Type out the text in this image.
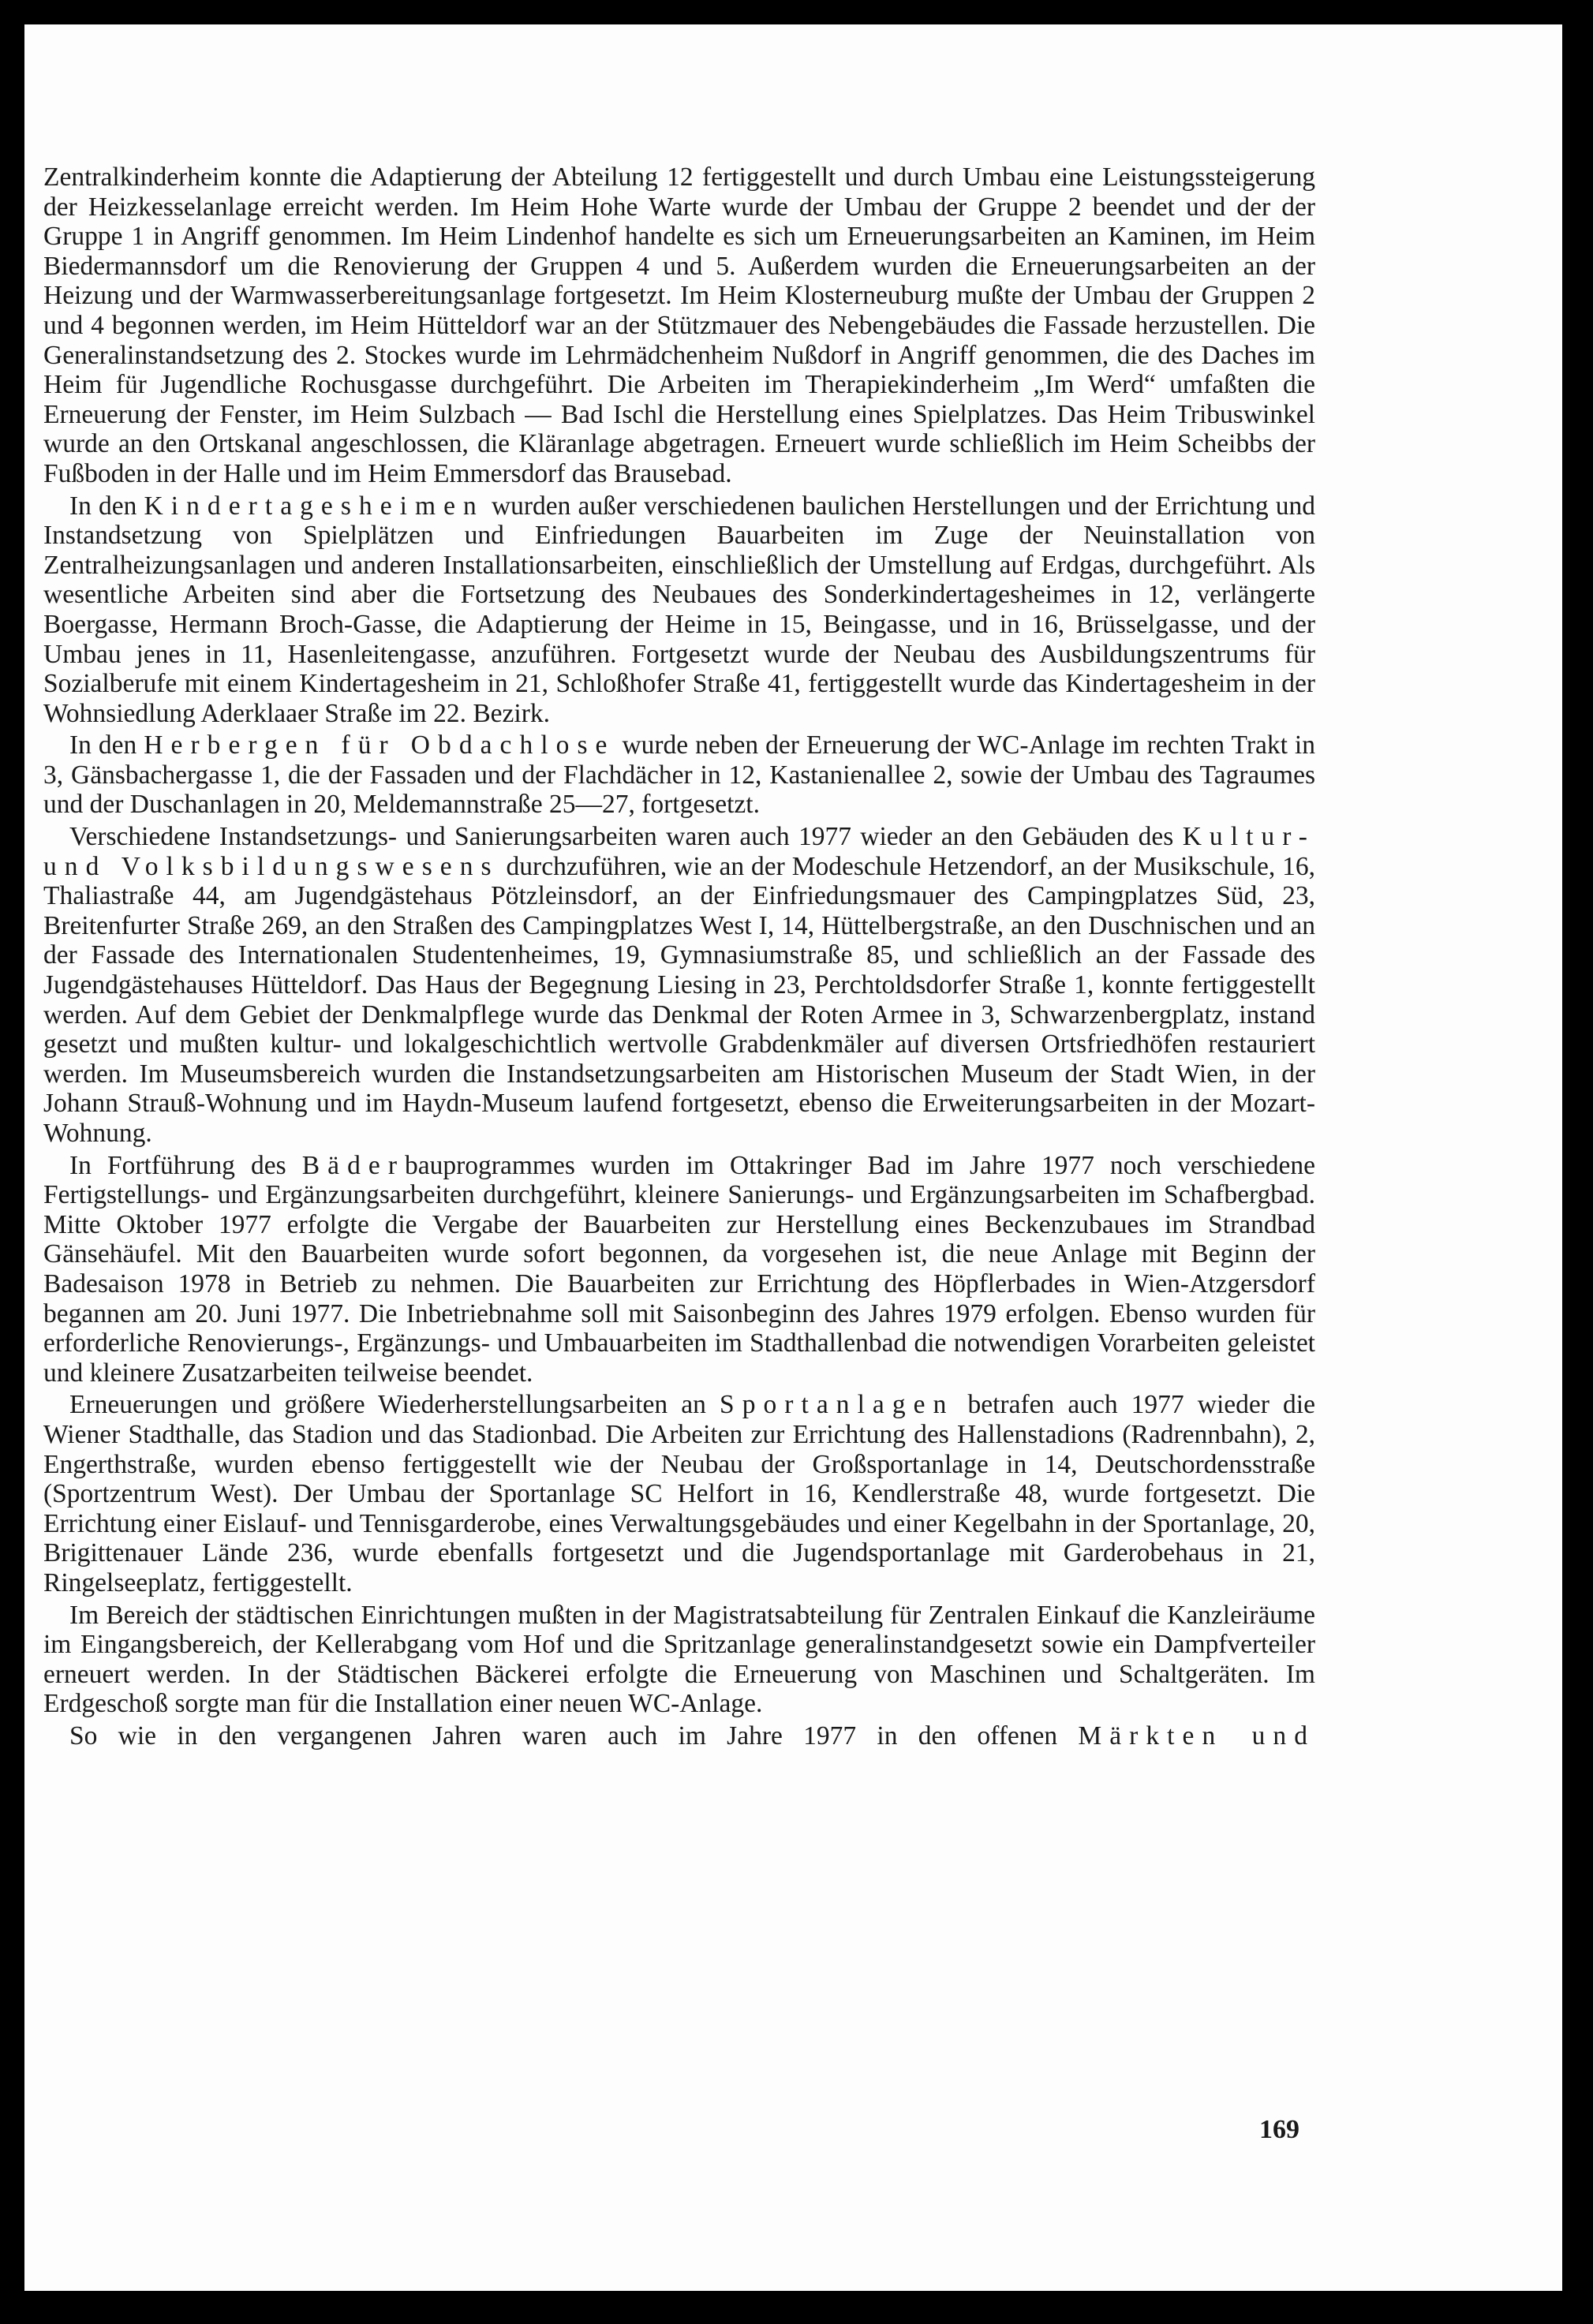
Zentralkinderheim konnte die Adaptierung der Abteilung 12 fertiggestellt und durch Umbau eine Leistungssteigerung der Heizkesselanlage erreicht werden. Im Heim Hohe Warte wurde der Umbau der Gruppe 2 beendet und der der Gruppe 1 in Angriff genommen. Im Heim Lindenhof handelte es sich um Erneuerungsarbeiten an Kaminen, im Heim Biedermannsdorf um die Renovierung der Gruppen 4 und 5. Außerdem wurden die Erneuerungsarbeiten an der Heizung und der Warmwasserbereitungsanlage fortgesetzt. Im Heim Klosterneuburg mußte der Umbau der Gruppen 2 und 4 begonnen werden, im Heim Hütteldorf war an der Stützmauer des Nebengebäudes die Fassade herzustellen. Die Generalinstandsetzung des 2. Stockes wurde im Lehrmädchenheim Nußdorf in Angriff genommen, die des Daches im Heim für Jugendliche Rochusgasse durchgeführt. Die Arbeiten im Therapiekinderheim „Im Werd“ umfaßten die Erneuerung der Fenster, im Heim Sulzbach — Bad Ischl die Herstellung eines Spielplatzes. Das Heim Tribuswinkel wurde an den Ortskanal angeschlossen, die Kläranlage abgetragen. Erneuert wurde schließlich im Heim Scheibbs der Fußboden in der Halle und im Heim Emmersdorf das Brausebad.

In den Kindertagesheimen wurden außer verschiedenen baulichen Herstellungen und der Errichtung und Instandsetzung von Spielplätzen und Einfriedungen Bauarbeiten im Zuge der Neuinstallation von Zentralheizungsanlagen und anderen Installationsarbeiten, einschließlich der Umstellung auf Erdgas, durchgeführt. Als wesentliche Arbeiten sind aber die Fortsetzung des Neubaues des Sonderkindertagesheimes in 12, verlängerte Boergasse, Hermann Broch-Gasse, die Adaptierung der Heime in 15, Beingasse, und in 16, Brüsselgasse, und der Umbau jenes in 11, Hasenleitengasse, anzuführen. Fortgesetzt wurde der Neubau des Ausbildungszentrums für Sozialberufe mit einem Kindertagesheim in 21, Schloßhofer Straße 41, fertiggestellt wurde das Kindertagesheim in der Wohnsiedlung Aderklaaer Straße im 22. Bezirk.

In den Herbergen für Obdachlose wurde neben der Erneuerung der WC-Anlage im rechten Trakt in 3, Gänsbachergasse 1, die der Fassaden und der Flachdächer in 12, Kastanienallee 2, sowie der Umbau des Tagraumes und der Duschanlagen in 20, Meldemannstraße 25—27, fortgesetzt.

Verschiedene Instandsetzungs- und Sanierungsarbeiten waren auch 1977 wieder an den Gebäuden des Kultur- und Volksbildungswesens durchzuführen, wie an der Modeschule Hetzendorf, an der Musikschule, 16, Thaliastraße 44, am Jugendgästehaus Pötzleinsdorf, an der Einfriedungsmauer des Campingplatzes Süd, 23, Breitenfurter Straße 269, an den Straßen des Campingplatzes West I, 14, Hüttelbergstraße, an den Duschnischen und an der Fassade des Internationalen Studentenheimes, 19, Gymnasiumstraße 85, und schließlich an der Fassade des Jugendgästehauses Hütteldorf. Das Haus der Begegnung Liesing in 23, Perchtoldsdorfer Straße 1, konnte fertiggestellt werden. Auf dem Gebiet der Denkmalpflege wurde das Denkmal der Roten Armee in 3, Schwarzenbergplatz, instand gesetzt und mußten kultur- und lokalgeschichtlich wertvolle Grabdenkmäler auf diversen Ortsfriedhöfen restauriert werden. Im Museumsbereich wurden die Instandsetzungsarbeiten am Historischen Museum der Stadt Wien, in der Johann Strauß-Wohnung und im Haydn-Museum laufend fortgesetzt, ebenso die Erweiterungsarbeiten in der Mozart-Wohnung.

In Fortführung des Bäderbauprogrammes wurden im Ottakringer Bad im Jahre 1977 noch verschiedene Fertigstellungs- und Ergänzungsarbeiten durchgeführt, kleinere Sanierungs- und Ergänzungsarbeiten im Schafbergbad. Mitte Oktober 1977 erfolgte die Vergabe der Bauarbeiten zur Herstellung eines Beckenzubaues im Strandbad Gänsehäufel. Mit den Bauarbeiten wurde sofort begonnen, da vorgesehen ist, die neue Anlage mit Beginn der Badesaison 1978 in Betrieb zu nehmen. Die Bauarbeiten zur Errichtung des Höpflerbades in Wien-Atzgersdorf begannen am 20. Juni 1977. Die Inbetriebnahme soll mit Saisonbeginn des Jahres 1979 erfolgen. Ebenso wurden für erforderliche Renovierungs-, Ergänzungs- und Umbauarbeiten im Stadthallenbad die notwendigen Vorarbeiten geleistet und kleinere Zusatzarbeiten teilweise beendet.

Erneuerungen und größere Wiederherstellungsarbeiten an Sportanlagen betrafen auch 1977 wieder die Wiener Stadthalle, das Stadion und das Stadionbad. Die Arbeiten zur Errichtung des Hallenstadions (Radrennbahn), 2, Engerthstraße, wurden ebenso fertiggestellt wie der Neubau der Großsportanlage in 14, Deutschordensstraße (Sportzentrum West). Der Umbau der Sportanlage SC Helfort in 16, Kendlerstraße 48, wurde fortgesetzt. Die Errichtung einer Eislauf- und Tennisgarderobe, eines Verwaltungsgebäudes und einer Kegelbahn in der Sportanlage, 20, Brigittenauer Lände 236, wurde ebenfalls fortgesetzt und die Jugendsportanlage mit Garderobehaus in 21, Ringelseeplatz, fertiggestellt.

Im Bereich der städtischen Einrichtungen mußten in der Magistratsabteilung für Zentralen Einkauf die Kanzleiräume im Eingangsbereich, der Kellerabgang vom Hof und die Spritzanlage generalinstandgesetzt sowie ein Dampfverteiler erneuert werden. In der Städtischen Bäckerei erfolgte die Erneuerung von Maschinen und Schaltgeräten. Im Erdgeschoß sorgte man für die Installation einer neuen WC-Anlage.

So wie in den vergangenen Jahren waren auch im Jahre 1977 in den offenen Märkten und

169
